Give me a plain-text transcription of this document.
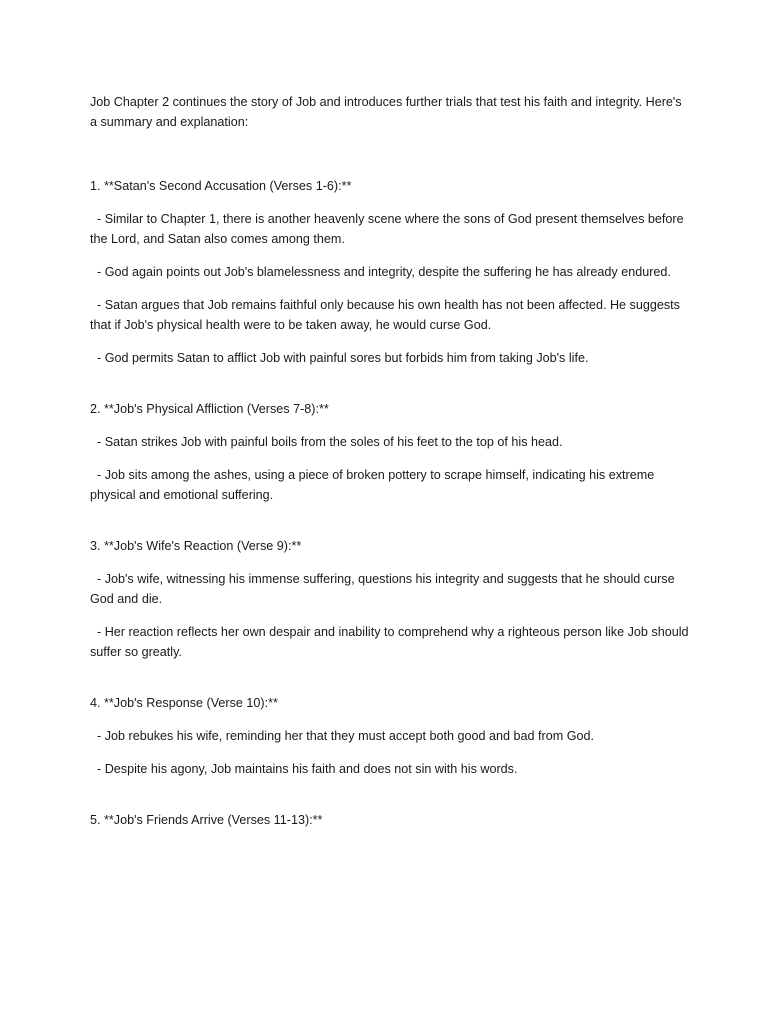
Job Chapter 2 continues the story of Job and introduces further trials that test his faith and integrity. Here's a summary and explanation:

1. **Satan's Second Accusation (Verses 1-6):**

- Similar to Chapter 1, there is another heavenly scene where the sons of God present themselves before the Lord, and Satan also comes among them.

- God again points out Job's blamelessness and integrity, despite the suffering he has already endured.

- Satan argues that Job remains faithful only because his own health has not been affected. He suggests that if Job's physical health were to be taken away, he would curse God.

- God permits Satan to afflict Job with painful sores but forbids him from taking Job's life.

2. **Job's Physical Affliction (Verses 7-8):**

- Satan strikes Job with painful boils from the soles of his feet to the top of his head.

- Job sits among the ashes, using a piece of broken pottery to scrape himself, indicating his extreme physical and emotional suffering.

3. **Job's Wife's Reaction (Verse 9):**

- Job's wife, witnessing his immense suffering, questions his integrity and suggests that he should curse God and die.

- Her reaction reflects her own despair and inability to comprehend why a righteous person like Job should suffer so greatly.

4. **Job's Response (Verse 10):**

- Job rebukes his wife, reminding her that they must accept both good and bad from God.

- Despite his agony, Job maintains his faith and does not sin with his words.

5. **Job's Friends Arrive (Verses 11-13):**
